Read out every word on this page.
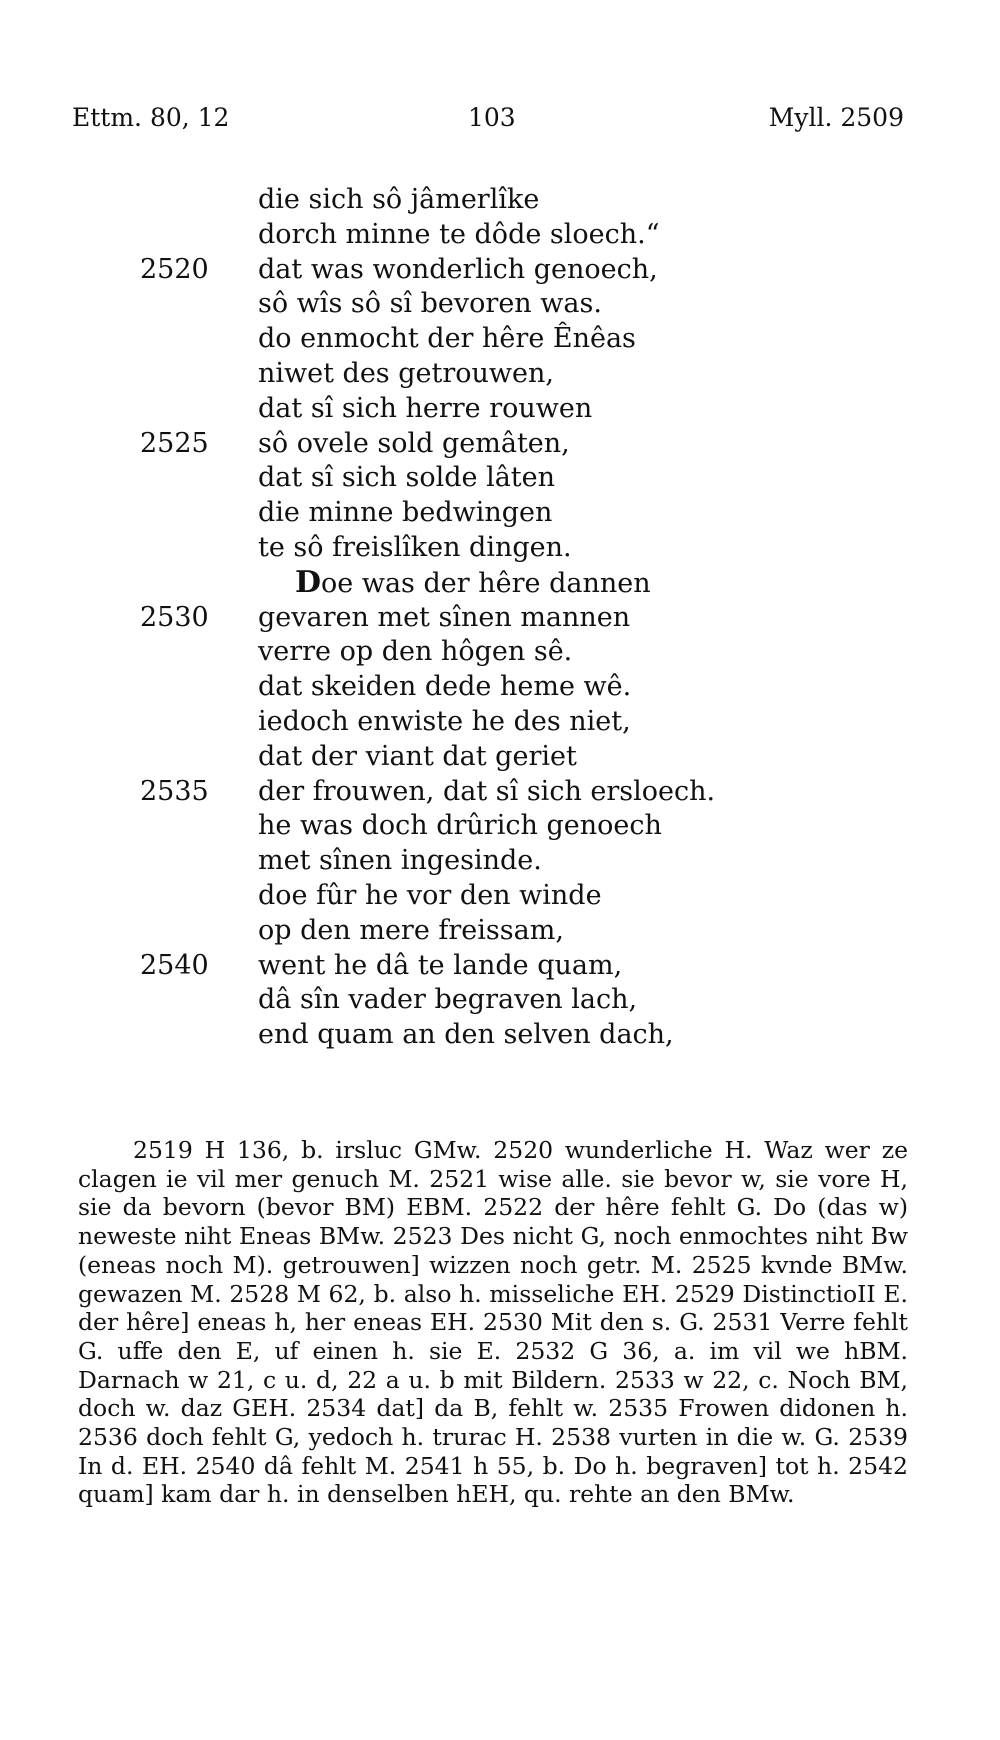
Ettm. 80, 12	103	Myll. 2509
die sich sô jâmerlîke
dorch minne te dôde sloech.“
2520	dat was wonderlich genoech,
sô wîs sô sî bevoren was.
do enmocht der hêre Ênêas
niwet des getrouwen,
dat sî sich herre rouwen
2525	sô ovele sold gemâten,
dat sî sich solde lâten
die minne bedwingen
te sô freislîken dingen.
Doe was der hêre dannen
2530	gevaren met sînen mannen
verre op den hôgen sê.
dat skeiden dede heme wê.
iedoch enwiste he des niet,
dat der viant dat geriet
2535	der frouwen, dat sî sich ersloech.
he was doch drûrich genoech
met sînen ingesinde.
doe fûr he vor den winde
op den mere freissam,
2540	went he dâ te lande quam,
dâ sîn vader begraven lach,
end quam an den selven dach,

2519 H 136, b. irsluc GMw. 2520 wunderliche H. Waz wer ze clagen ie vil mer genuch M. 2521 wise alle. sie bevor w, sie vore H, sie da bevorn (bevor BM) EBM. 2522 der hêre fehlt G. Do (das w) neweste niht Eneas BMw. 2523 Des nicht G, noch enmochtes niht Bw (eneas noch M). getrouwen] wizzen noch getr. M. 2525 kvnde BMw. gewazen M. 2528 M 62, b. also h. misseliche EH. 2529 DistinctioII E. der hêre] eneas h, her eneas EH. 2530 Mit den s. G. 2531 Verre fehlt G. uffe den E, uf einen h. sie E. 2532 G 36, a. im vil we hBM. Darnach w 21, c u. d, 22 a u. b mit Bildern. 2533 w 22, c. Noch BM, doch w. daz GEH. 2534 dat] da B, fehlt w. 2535 Frowen didonen h. 2536 doch fehlt G, yedoch h. trurac H. 2538 vurten in die w. G. 2539 In d. EH. 2540 dâ fehlt M. 2541 h 55, b. Do h. begraven] tot h. 2542 quam] kam dar h. in denselben hEH, qu. rehte an den BMw.
